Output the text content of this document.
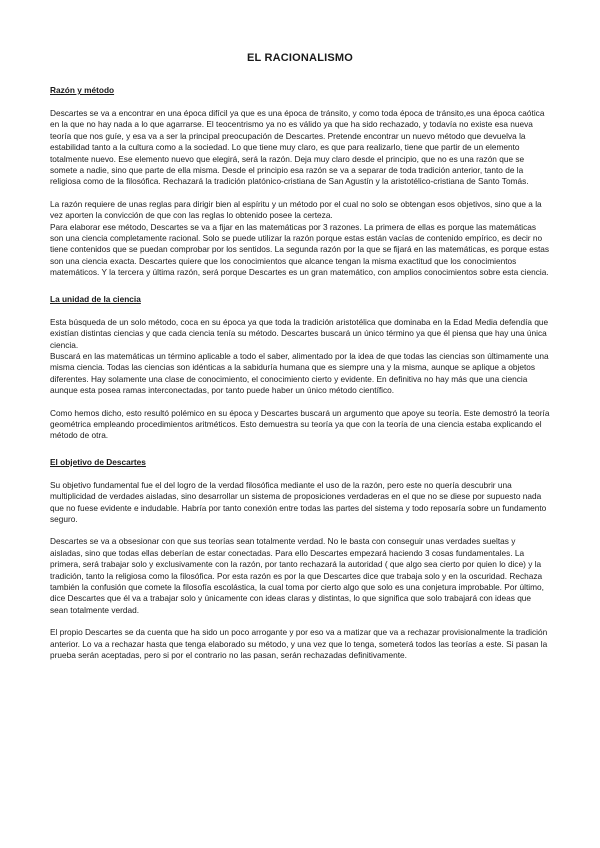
EL RACIONALISMO
Razón y método

Descartes se va a encontrar en una época difícil ya que es una época de tránsito, y como toda época de tránsito,es una época caótica en la que no hay nada a lo que agarrarse. El teocentrismo ya no es válido ya que ha sido rechazado, y todavía no existe esa nueva teoría que nos guíe, y esa va a ser la principal preocupación de Descartes. Pretende encontrar un nuevo método que devuelva la estabilidad tanto a la cultura como a la sociedad. Lo que tiene muy claro, es que para realizarlo, tiene que partir de un elemento totalmente nuevo. Ese elemento nuevo que elegirá, será la razón. Deja muy claro desde el principio, que no es una razón que se somete a nadie, sino que parte de ella misma. Desde el principio esa razón se va a separar de toda tradición anterior, tanto de la religiosa como de la filosófica. Rechazará la tradición platónico-cristiana de San Agustín y la aristotélico-cristiana de Santo Tomás.

La razón requiere de unas reglas para dirigir bien al espíritu y un método por el cual no solo se obtengan esos objetivos, sino que a la vez aporten la convicción de que con las reglas lo obtenido posee la certeza.

Para elaborar ese método, Descartes se va a fijar en las matemáticas por 3 razones. La primera de ellas es porque las matemáticas son una ciencia completamente racional. Solo se puede utilizar la razón porque estas están vacías de contenido empírico, es decir no tiene contenidos que se puedan comprobar por los sentidos. La segunda razón por la que se fijará en las matemáticas, es porque estas son una ciencia exacta. Descartes quiere que los conocimientos que alcance tengan la misma exactitud que los conocimientos matemáticos. Y la tercera y última razón, será porque Descartes es un gran matemático, con amplios conocimientos sobre esta ciencia.

La unidad de la ciencia

Esta búsqueda de un solo método, coca en su época ya que toda la tradición aristotélica que dominaba en la Edad Media defendía que existían distintas ciencias y que cada ciencia tenía su método. Descartes buscará un único término ya que él piensa que hay una única ciencia.

Buscará en las matemáticas un término aplicable a todo el saber, alimentado por la idea de que todas las ciencias son últimamente una misma ciencia. Todas las ciencias son idénticas a la sabiduría humana que es siempre una y la misma, aunque se aplique a objetos diferentes. Hay solamente una clase de conocimiento, el conocimiento cierto y evidente. En definitiva no hay más que una ciencia aunque esta posea ramas interconectadas, por tanto puede haber un único método científico.

Como hemos dicho, esto resultó polémico en su época y Descartes buscará un argumento que apoye su teoría. Este demostró la teoría geométrica empleando procedimientos aritméticos. Esto demuestra su teoría ya que con la teoría de una ciencia estaba explicando el método de otra.

El objetivo de Descartes

Su objetivo fundamental fue el del logro de la verdad filosófica mediante el uso de la razón, pero este no quería descubrir una multiplicidad de verdades aisladas, sino desarrollar un sistema de proposiciones verdaderas en el que no se diese por supuesto nada que no fuese evidente e indudable. Habría por tanto conexión entre todas las partes del sistema y todo reposaría sobre un fundamento seguro.

Descartes se va a obsesionar con que sus teorías sean totalmente verdad. No le basta con conseguir unas verdades sueltas y aisladas, sino que todas ellas deberían de estar conectadas. Para ello Descartes empezará haciendo 3 cosas fundamentales. La primera, será trabajar solo y exclusivamente con la razón, por tanto rechazará la autoridad ( que algo sea cierto por quien lo dice) y la tradición, tanto la religiosa como la filosófica. Por esta razón es por la que Descartes dice que trabaja solo y en la oscuridad. Rechaza también la confusión que comete la filosofía escolástica, la cual toma por cierto algo que solo es una conjetura improbable. Por último, dice Descartes que él va a trabajar solo y únicamente con ideas claras y distintas, lo que significa que solo trabajará con ideas que sean totalmente verdad.

El propio Descartes se da cuenta que ha sido un poco arrogante y por eso va a matizar que va a rechazar provisionalmente la tradición anterior. Lo va a rechazar hasta que tenga elaborado su método, y una vez que lo tenga, someterá todos las teorías a este. Si pasan la prueba serán aceptadas, pero si por el contrario no las pasan, serán rechazadas definitivamente.
